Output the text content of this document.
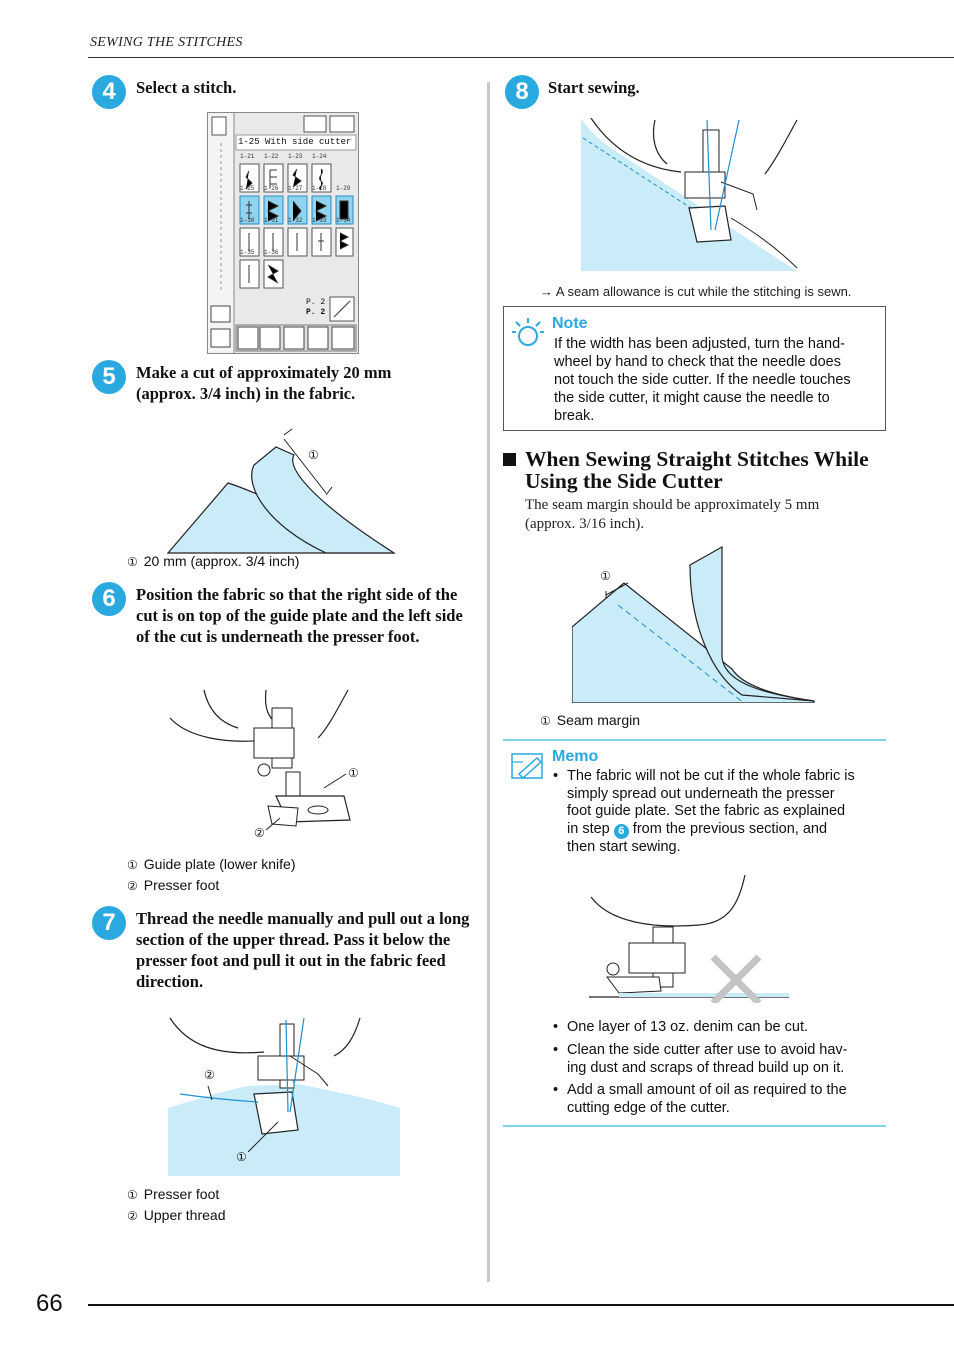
SEWING THE STITCHES
4	Select a stitch.
1-25 With side cutter
1-21 1-22 1-23 1-24
1-25 1-26 1-27 1-28 1-29
1-30 1-31 1-32 1-33 1-34
1-35 1-36
P. 2
P. 2
5	Make a cut of approximately 20 mm (approx. 3/4 inch) in the fabric.
①
① 20 mm (approx. 3/4 inch)
6	Position the fabric so that the right side of the cut is on top of the guide plate and the left side of the cut is underneath the presser foot.
①
②
① Guide plate (lower knife)
② Presser foot
7	Thread the needle manually and pull out a long section of the upper thread. Pass it below the presser foot and pull it out in the fabric feed direction.
②
①
① Presser foot
② Upper thread
8	Start sewing.
→ A seam allowance is cut while the stitching is sewn.
Note
If the width has been adjusted, turn the hand-
wheel by hand to check that the needle does
not touch the side cutter. If the needle touches
the side cutter, it might cause the needle to
break.
When Sewing Straight Stitches While
Using the Side Cutter
The seam margin should be approximately 5 mm
(approx. 3/16 inch).
①
① Seam margin
Memo
• The fabric will not be cut if the whole fabric is
simply spread out underneath the presser
foot guide plate. Set the fabric as explained
in step 6 from the previous section, and
then start sewing.
• One layer of 13 oz. denim can be cut.
• Clean the side cutter after use to avoid hav-
ing dust and scraps of thread build up on it.
• Add a small amount of oil as required to the
cutting edge of the cutter.
66
